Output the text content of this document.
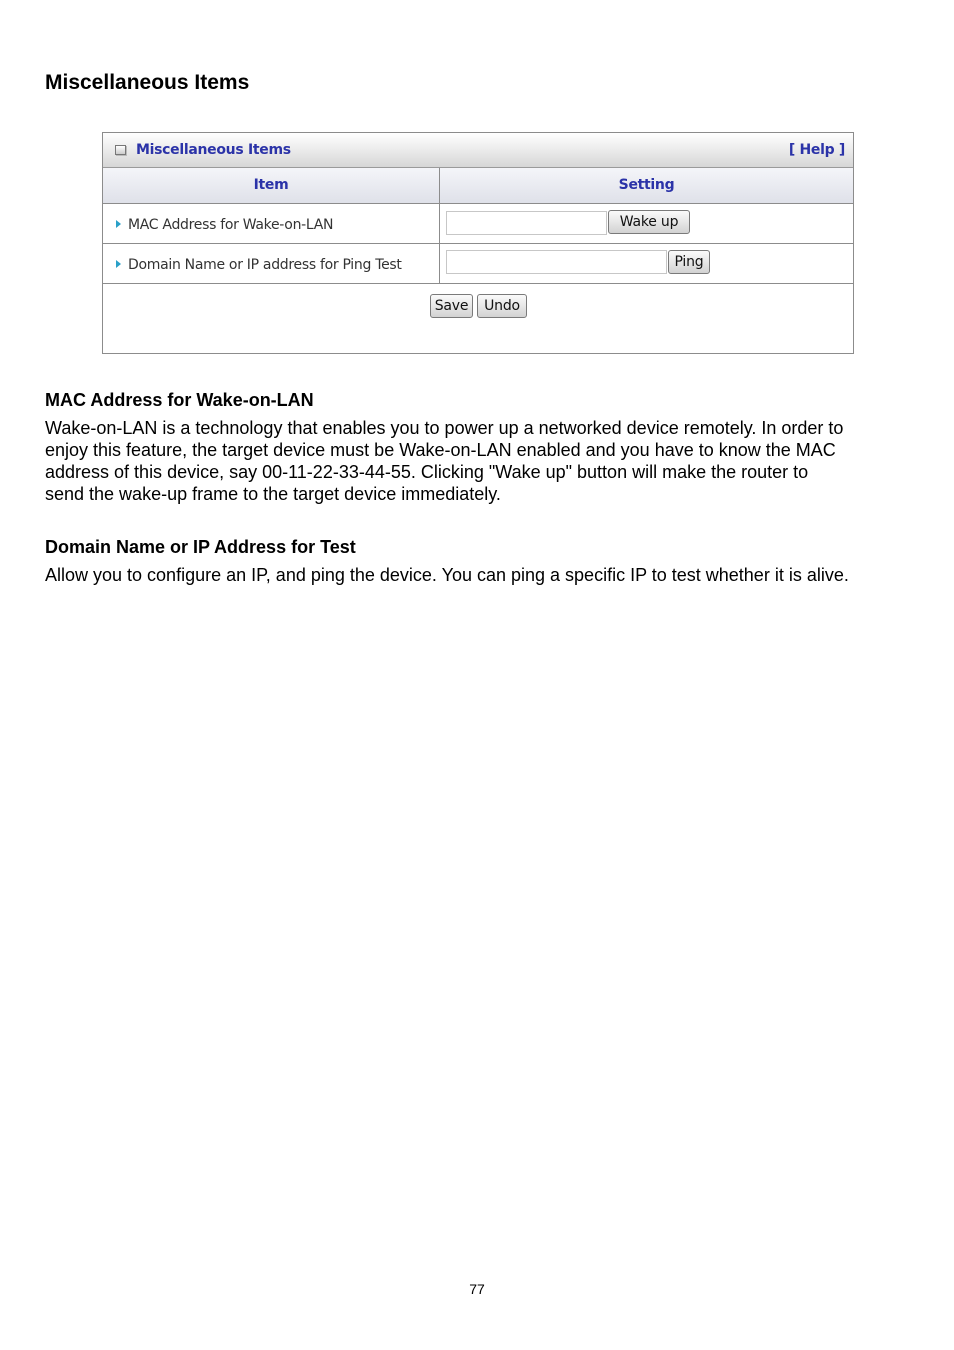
Miscellaneous Items
Miscellaneous Items	[ Help ]
Item	Setting
MAC Address for Wake-on-LAN	Wake up
Domain Name or IP address for Ping Test	Ping
Save	Undo
MAC Address for Wake-on-LAN
Wake-on-LAN is a technology that enables you to power up a networked device remotely. In order to
enjoy this feature, the target device must be Wake-on-LAN enabled and you have to know the MAC
address of this device, say 00-11-22-33-44-55. Clicking "Wake up" button will make the router to
send the wake-up frame to the target device immediately.
Domain Name or IP Address for Test
Allow you to configure an IP, and ping the device. You can ping a specific IP to test whether it is alive.
77
